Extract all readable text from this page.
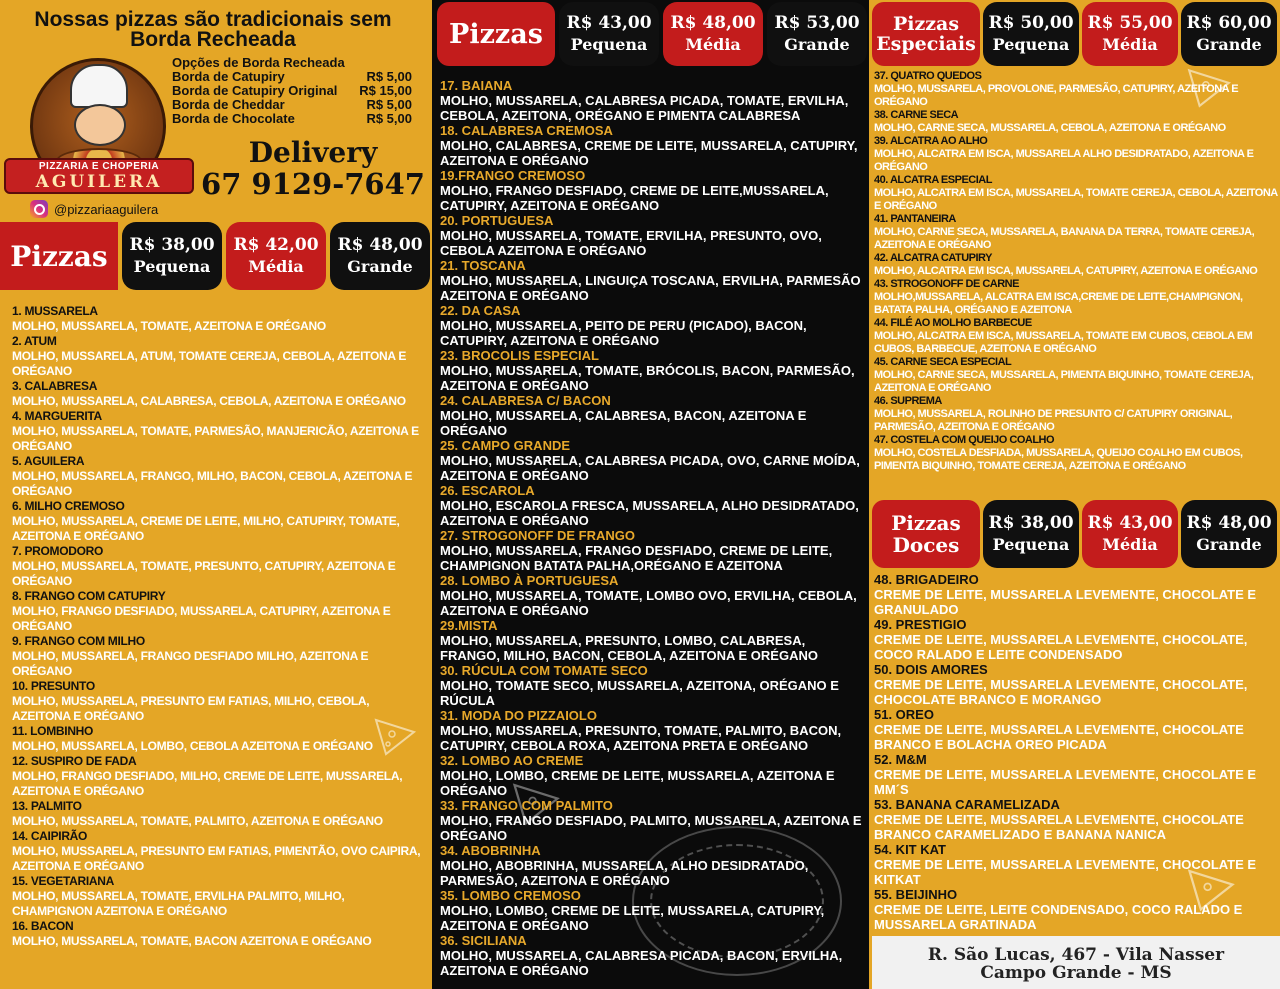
Nossas pizzas são tradicionais sem Borda Recheada
PIZZARIA E CHOPERIA
AGUILERA
Opções de Borda Recheada
Borda de Catupiry	R$ 5,00
Borda de Catupiry Original R$ 15,00
Borda de Cheddar	R$ 5,00
Borda de Chocolate	R$ 5,00
Delivery
67 9129-7647
@pizzariaaguilera
Pizzas	R$ 38,00
Pequena
R$ 42,00
Média
R$ 48,00
Grande
1. MUSSARELA
MOLHO, MUSSARELA, TOMATE, AZEITONA E ORÉGANO
2. ATUM
MOLHO, MUSSARELA, ATUM, TOMATE CEREJA, CEBOLA, AZEITONA E ORÉGANO
3. CALABRESA
MOLHO, MUSSARELA, CALABRESA, CEBOLA, AZEITONA E ORÉGANO
4. MARGUERITA
MOLHO, MUSSARELA, TOMATE, PARMESÃO, MANJERICÃO, AZEITONA E ORÉGANO
5. AGUILERA
MOLHO, MUSSARELA, FRANGO, MILHO, BACON, CEBOLA, AZEITONA E ORÉGANO
6. MILHO CREMOSO
MOLHO, MUSSARELA, CREME DE LEITE, MILHO, CATUPIRY, TOMATE, AZEITONA E ORÉGANO
7. PROMODORO
MOLHO, MUSSARELA, TOMATE, PRESUNTO, CATUPIRY, AZEITONA E ORÉGANO
8. FRANGO COM CATUPIRY
MOLHO, FRANGO DESFIADO, MUSSARELA, CATUPIRY, AZEITONA E ORÉGANO
9. FRANGO COM MILHO
MOLHO, MUSSARELA, FRANGO DESFIADO MILHO, AZEITONA E ORÉGANO
10. PRESUNTO
MOLHO, MUSSARELA, PRESUNTO EM FATIAS, MILHO, CEBOLA, AZEITONA E ORÉGANO
11. LOMBINHO
MOLHO, MUSSARELA, LOMBO, CEBOLA AZEITONA E ORÉGANO
12. SUSPIRO DE FADA
MOLHO, FRANGO DESFIADO, MILHO, CREME DE LEITE, MUSSARELA, AZEITONA E ORÉGANO
13. PALMITO
MOLHO, MUSSARELA, TOMATE, PALMITO, AZEITONA E ORÉGANO
14. CAIPIRÃO
MOLHO, MUSSARELA, PRESUNTO EM FATIAS, PIMENTÃO, OVO CAIPIRA, AZEITONA E ORÉGANO
15. VEGETARIANA
MOLHO, MUSSARELA, TOMATE, ERVILHA PALMITO, MILHO, CHAMPIGNON AZEITONA E ORÉGANO
16. BACON
MOLHO, MUSSARELA, TOMATE, BACON AZEITONA E ORÉGANO
Pizzas	R$ 43,00
Pequena
R$ 48,00
Média
R$ 53,00
Grande
17. BAIANA
MOLHO, MUSSARELA, CALABRESA PICADA, TOMATE, ERVILHA, CEBOLA, AZEITONA, ORÉGANO E PIMENTA CALABRESA
18. CALABRESA CREMOSA
MOLHO, CALABRESA, CREME DE LEITE, MUSSARELA, CATUPIRY, AZEITONA E ORÉGANO
19.FRANGO CREMOSO
MOLHO, FRANGO DESFIADO, CREME DE LEITE,MUSSARELA, CATUPIRY, AZEITONA E ORÉGANO
20. PORTUGUESA
MOLHO, MUSSARELA, TOMATE, ERVILHA, PRESUNTO, OVO, CEBOLA AZEITONA E ORÉGANO
21. TOSCANA
MOLHO, MUSSARELA, LINGUIÇA TOSCANA, ERVILHA, PARMESÃO AZEITONA E ORÉGANO
22. DA CASA
MOLHO, MUSSARELA, PEITO DE PERU (PICADO), BACON, CATUPIRY, AZEITONA E ORÉGANO
23. BROCOLIS ESPECIAL
MOLHO, MUSSARELA, TOMATE, BRÓCOLIS, BACON, PARMESÃO, AZEITONA E ORÉGANO
24. CALABRESA C/ BACON
MOLHO, MUSSARELA, CALABRESA, BACON, AZEITONA E ORÉGANO
25. CAMPO GRANDE
MOLHO, MUSSARELA, CALABRESA PICADA, OVO, CARNE MOÍDA, AZEITONA E ORÉGANO
26. ESCAROLA
MOLHO, ESCAROLA FRESCA, MUSSARELA, ALHO DESIDRATADO, AZEITONA E ORÉGANO
27. STROGONOFF DE FRANGO
MOLHO, MUSSARELA, FRANGO DESFIADO, CREME DE LEITE, CHAMPIGNON BATATA PALHA,ORÉGANO E AZEITONA
28. LOMBO À PORTUGUESA
MOLHO, MUSSARELA, TOMATE, LOMBO OVO, ERVILHA, CEBOLA, AZEITONA E ORÉGANO
29.MISTA
MOLHO, MUSSARELA, PRESUNTO, LOMBO, CALABRESA, FRANGO, MILHO, BACON, CEBOLA, AZEITONA E ORÉGANO
30. RÚCULA COM TOMATE SECO
MOLHO, TOMATE SECO, MUSSARELA, AZEITONA, ORÉGANO E RÚCULA
31. MODA DO PIZZAIOLO
MOLHO, MUSSARELA, PRESUNTO, TOMATE, PALMITO, BACON, CATUPIRY, CEBOLA ROXA, AZEITONA PRETA E ORÉGANO
32. LOMBO AO CREME
MOLHO, LOMBO, CREME DE LEITE, MUSSARELA, AZEITONA E ORÉGANO
33. FRANGO COM PALMITO
MOLHO, FRANGO DESFIADO, PALMITO, MUSSARELA, AZEITONA E ORÉGANO
34. ABOBRINHA
MOLHO, ABOBRINHA, MUSSARELA, ALHO DESIDRATADO, PARMESÃO, AZEITONA E ORÉGANO
35. LOMBO CREMOSO
MOLHO, LOMBO, CREME DE LEITE, MUSSARELA, CATUPIRY, AZEITONA E ORÉGANO
36. SICILIANA
MOLHO, MUSSARELA, CALABRESA PICADA, BACON, ERVILHA, AZEITONA E ORÉGANO
Pizzas Especiais
R$ 50,00
Pequena
R$ 55,00
Média
R$ 60,00
Grande
37. QUATRO QUEDOS
MOLHO, MUSSARELA, PROVOLONE, PARMESÃO, CATUPIRY, AZEITONA E ORÉGANO
38. CARNE SECA
MOLHO, CARNE SECA, MUSSARELA, CEBOLA, AZEITONA E ORÉGANO
39. ALCATRA AO ALHO
MOLHO, ALCATRA EM ISCA, MUSSARELA ALHO DESIDRATADO, AZEITONA E ORÉGANO
40. ALCATRA ESPECIAL
MOLHO, ALCATRA EM ISCA, MUSSARELA, TOMATE CEREJA, CEBOLA, AZEITONA E ORÉGANO
41. PANTANEIRA
MOLHO, CARNE SECA, MUSSARELA, BANANA DA TERRA, TOMATE CEREJA, AZEITONA E ORÉGANO
42. ALCATRA CATUPIRY
MOLHO, ALCATRA EM ISCA, MUSSARELA, CATUPIRY, AZEITONA E ORÉGANO
43. STROGONOFF DE CARNE
MOLHO,MUSSARELA, ALCATRA EM ISCA,CREME DE LEITE,CHAMPIGNON, BATATA PALHA, ORÉGANO E AZEITONA
44. FILÉ AO MOLHO BARBECUE
MOLHO, ALCATRA EM ISCA, MUSSARELA, TOMATE EM CUBOS, CEBOLA EM CUBOS, BARBECUE, AZEITONA E ORÉGANO
45. CARNE SECA ESPECIAL
MOLHO, CARNE SECA, MUSSARELA, PIMENTA BIQUINHO, TOMATE CEREJA, AZEITONA E ORÉGANO
46. SUPREMA
MOLHO, MUSSARELA, ROLINHO DE PRESUNTO C/ CATUPIRY ORIGINAL, PARMESÃO, AZEITONA E ORÉGANO
47. COSTELA COM QUEIJO COALHO
MOLHO, COSTELA DESFIADA, MUSSARELA, QUEIJO COALHO EM CUBOS, PIMENTA BIQUINHO, TOMATE CEREJA, AZEITONA E ORÉGANO
Pizzas Doces
R$ 38,00
Pequena
R$ 43,00
Média
R$ 48,00
Grande
48. BRIGADEIRO
CREME DE LEITE, MUSSARELA LEVEMENTE, CHOCOLATE E GRANULADO
49. PRESTIGIO
CREME DE LEITE, MUSSARELA LEVEMENTE, CHOCOLATE, COCO RALADO E LEITE CONDENSADO
50. DOIS AMORES
CREME DE LEITE, MUSSARELA LEVEMENTE, CHOCOLATE, CHOCOLATE BRANCO E MORANGO
51. OREO
CREME DE LEITE, MUSSARELA LEVEMENTE, CHOCOLATE BRANCO E BOLACHA OREO PICADA
52. M&M
CREME DE LEITE, MUSSARELA LEVEMENTE, CHOCOLATE E MM´S
53. BANANA CARAMELIZADA
CREME DE LEITE, MUSSARELA LEVEMENTE, CHOCOLATE BRANCO CARAMELIZADO E BANANA NANICA
54. KIT KAT
CREME DE LEITE, MUSSARELA LEVEMENTE, CHOCOLATE E KITKAT
55. BEIJINHO
CREME DE LEITE, LEITE CONDENSADO, COCO RALADO E MUSSARELA GRATINADA
R. São Lucas, 467 - Vila Nasser
Campo Grande - MS
